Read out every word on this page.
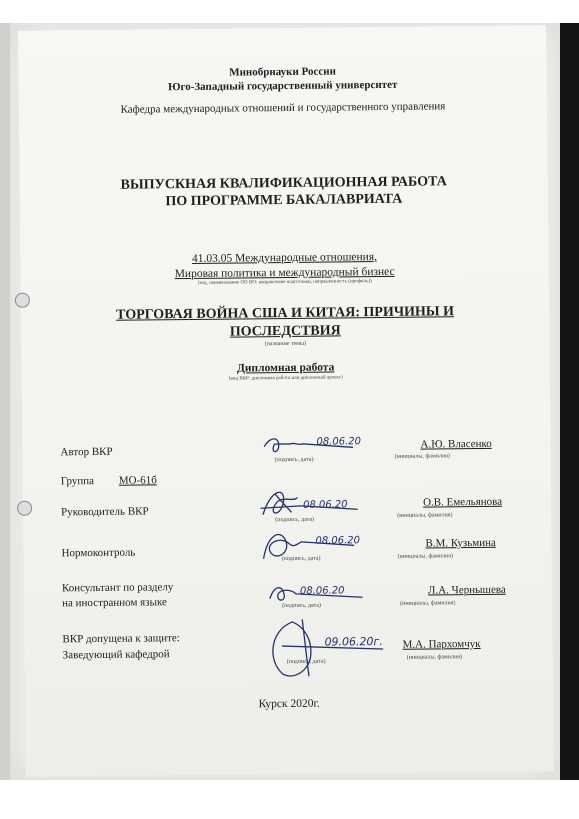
Минобрнауки России
Юго-Западный государственный университет
Кафедра международных отношений и государственного управления
ВЫПУСКНАЯ КВАЛИФИКАЦИОННАЯ РАБОТА
ПО ПРОГРАММЕ БАКАЛАВРИАТА
41.03.05 Международные отношения,
Мировая политика и международный бизнес
(код, наименование ОП ВО: направление подготовки, направленность (профиль))
ТОРГОВАЯ ВОЙНА США И КИТАЯ: ПРИЧИНЫ И
ПОСЛЕДСТВИЯ
(название темы)
Дипломная работа
(вид ВКР: дипломная работа или дипломный проект)
Автор ВКР
08.06.20
(подпись, дата)
А.Ю. Власенко
(инициалы, фамилия)
Группа МО-61б
Руководитель ВКР
08.06.20
(подпись, дата)
О.В. Емельянова
(инициалы, фамилия)
Нормоконтроль
08.06.20
(подпись, дата)
В.М. Кузьмина
(инициалы, фамилия)
Консультант по разделу
на иностранном языке
08.06.20
(подпись, дата)
Л.А. Чернышева
(инициалы, фамилия)
ВКР допущена к защите:
Заведующий кафедрой
09.06.20г.
(подпись, дата)
М.А. Пархомчук
(инициалы, фамилия)
Курск 2020г.
